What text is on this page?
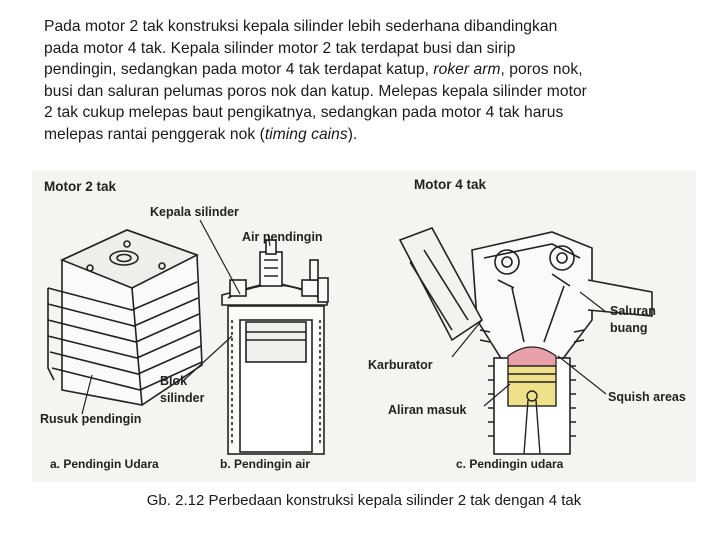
Pada motor 2 tak konstruksi kepala silinder lebih sederhana dibandingkan
pada motor 4 tak. Kepala silinder motor 2 tak terdapat busi dan sirip
pendingin, sedangkan pada motor 4 tak terdapat katup, roker arm, poros nok,
busi dan saluran pelumas poros nok dan katup. Melepas kepala silinder motor
2 tak cukup melepas baut pengikatnya, sedangkan pada motor 4 tak harus
melepas rantai penggerak nok (timing cains).
Motor 2 tak	Motor 4 tak
Kepala silinder
Air pendingin
Blok
silinder
Rusuk pendingin
Karburator
Aliran masuk
Saluran
buang
Squish areas
a. Pendingin Udara	b. Pendingin air	c. Pendingin udara
Gb. 2.12 Perbedaan konstruksi kepala silinder 2 tak dengan 4 tak
